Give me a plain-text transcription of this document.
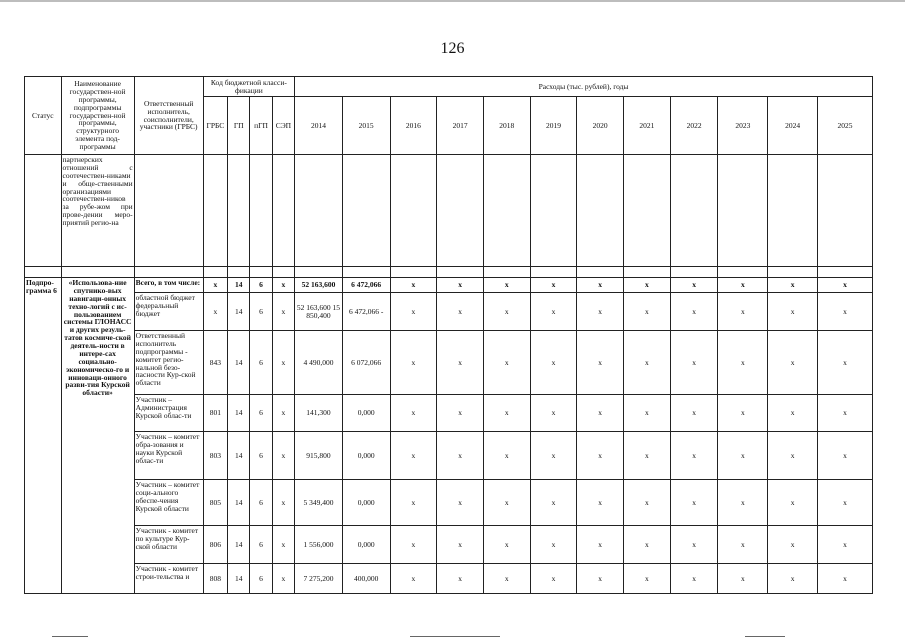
126
Статус	Наименование государствен-ной программы, подпрограммы государствен-ной программы, структурного элемента под-программы	Ответственный исполнитель, соисполнители, участники (ГРБС)	Код бюджетной класси-фикации				Расходы (тыс. рублей), годы											
			ГРБС	ГП	пГП	СЭП	2014	2015	2016	2017	2018	2019	2020	2021	2022	2023	2024	2025
	партнерских отношений с соотечествен-никами и обще-ственными организациями соотечествен-ников за рубе-жом при прове-дении меро-приятий регио-на																	

Подпро-грамма 6	«Использова-ние спутнико-вых навигаци-онных техно-логий с ис-пользованием системы ГЛОНАСС и других резуль-татов космиче-ской деятель-ности в интере-сах социально-экономическо-го и инноваци-онного разви-тия Курской области»	Всего, в том числе:	x	14	6	x	52 163,600	6 472,066	x	x	x	x	x	x	x	x	x	x
		областной бюджет федеральный бюджет	x	14	6	x	52 163,600 15 850,400	6 472,066 -	x	x	x	x	x	x	x	x	x	x
		Ответственный исполнитель подпрограммы - комитет регио-нальной безо-пасности Кур-ской области	843	14	6	x	4 490,000	6 072,066	x	x	x	x	x	x	x	x	x	x
		Участник – Администрация Курской облас-ти	801	14	6	x	141,300	0,000	x	x	x	x	x	x	x	x	x	x
		Участник – комитет обра-зования и науки Курской облас-ти	803	14	6	x	915,800	0,000	x	x	x	x	x	x	x	x	x	x
		Участник – комитет соци-ального обеспе-чения Курской области	805	14	6	x	5 349,400	0,000	x	x	x	x	x	x	x	x	x	x
		Участник - комитет по культуре Кур-ской области	806	14	6	x	1 556,000	0,000	x	x	x	x	x	x	x	x	x	x
		Участник - комитет строи-тельства и	808	14	6	x	7 275,200	400,000	x	x	x	x	x	x	x	x	x	x
